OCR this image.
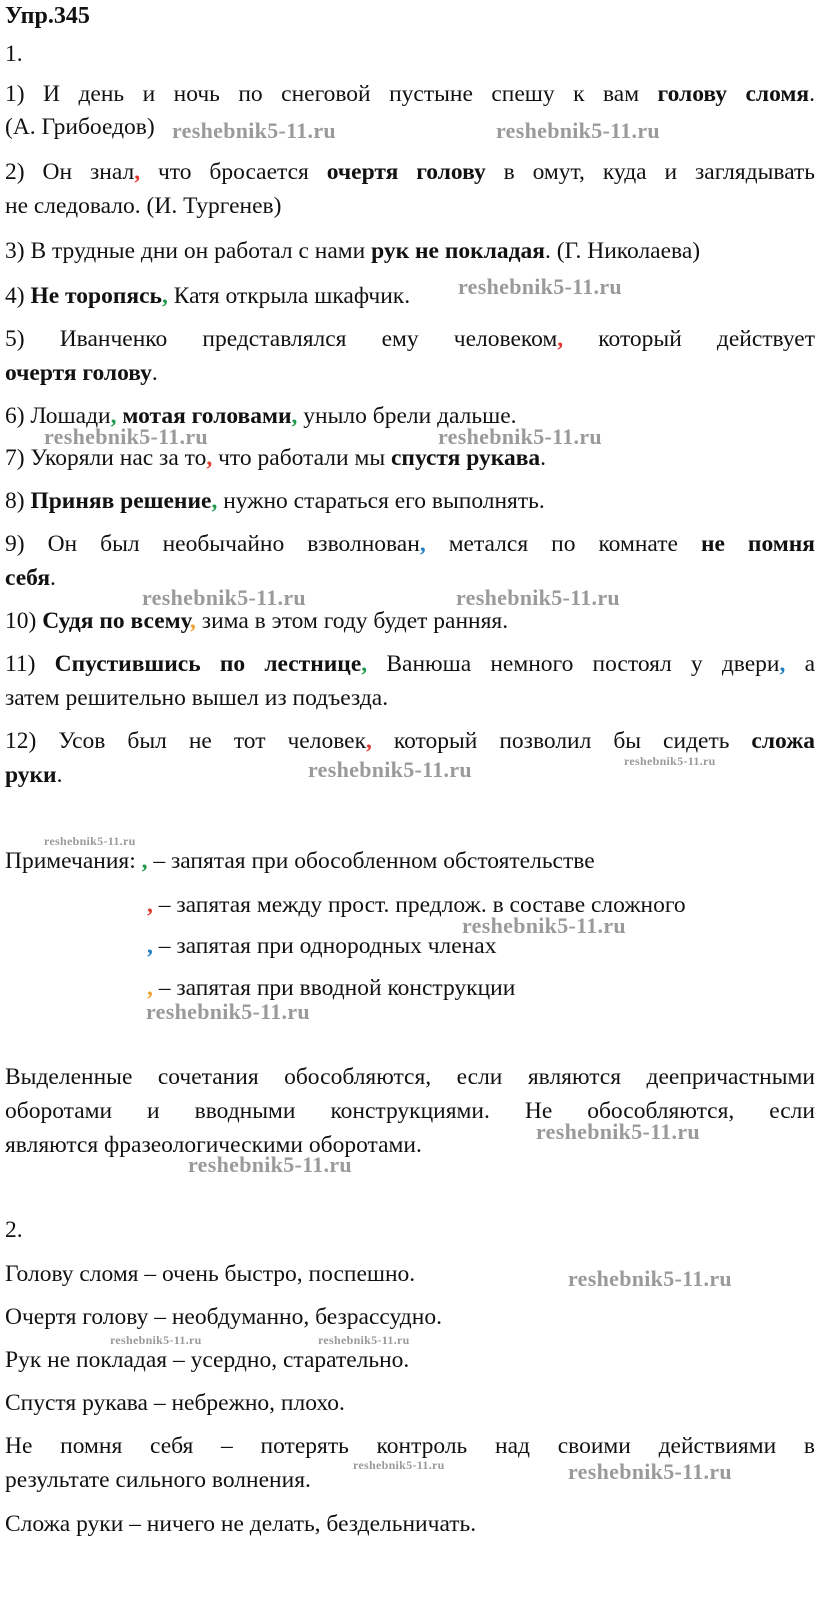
Упр.345
1.
1) И день и ночь по снеговой пустыне спешу к вам голову сломя.
(А. Грибоедов)
2) Он знал, что бросается очертя голову в омут, куда и заглядывать
не следовало. (И. Тургенев)
3) В трудные дни он работал с нами рук не покладая. (Г. Николаева)
4) Не торопясь, Катя открыла шкафчик.
5) Иванченко представлялся ему человеком, который действует
очертя голову.
6) Лошади, мотая головами, уныло брели дальше.
7) Укоряли нас за то, что работали мы спустя рукава.
8) Приняв решение, нужно стараться его выполнять.
9) Он был необычайно взволнован, метался по комнате не помня
себя.
10) Судя по всему, зима в этом году будет ранняя.
11) Спустившись по лестнице, Ванюша немного постоял у двери, а
затем решительно вышел из подъезда.
12) Усов был не тот человек, который позволил бы сидеть сложа
руки.
Примечания: , – запятая при обособленном обстоятельстве
, – запятая между прост. предлож. в составе сложного
, – запятая при однородных членах
, – запятая при вводной конструкции
Выделенные сочетания обособляются, если являются деепричастными
оборотами и вводными конструкциями. Не обособляются, если
являются фразеологическими оборотами.
2.
Голову сломя – очень быстро, поспешно.
Очертя голову – необдуманно, безрассудно.
Рук не покладая – усердно, старательно.
Спустя рукава – небрежно, плохо.
Не помня себя – потерять контроль над своими действиями в
результате сильного волнения.
Сложа руки – ничего не делать, бездельничать.
reshebnik5-11.ru	reshebnik5-11.ru
reshebnik5-11.ru
reshebnik5-11.ru	reshebnik5-11.ru
reshebnik5-11.ru	reshebnik5-11.ru
reshebnik5-11.ru	reshebnik5-11.ru
reshebnik5-11.ru
reshebnik5-11.ru
reshebnik5-11.ru
reshebnik5-11.ru
reshebnik5-11.ru
reshebnik5-11.ru
reshebnik5-11.ru	reshebnik5-11.ru
reshebnik5-11.ru	reshebnik5-11.ru
